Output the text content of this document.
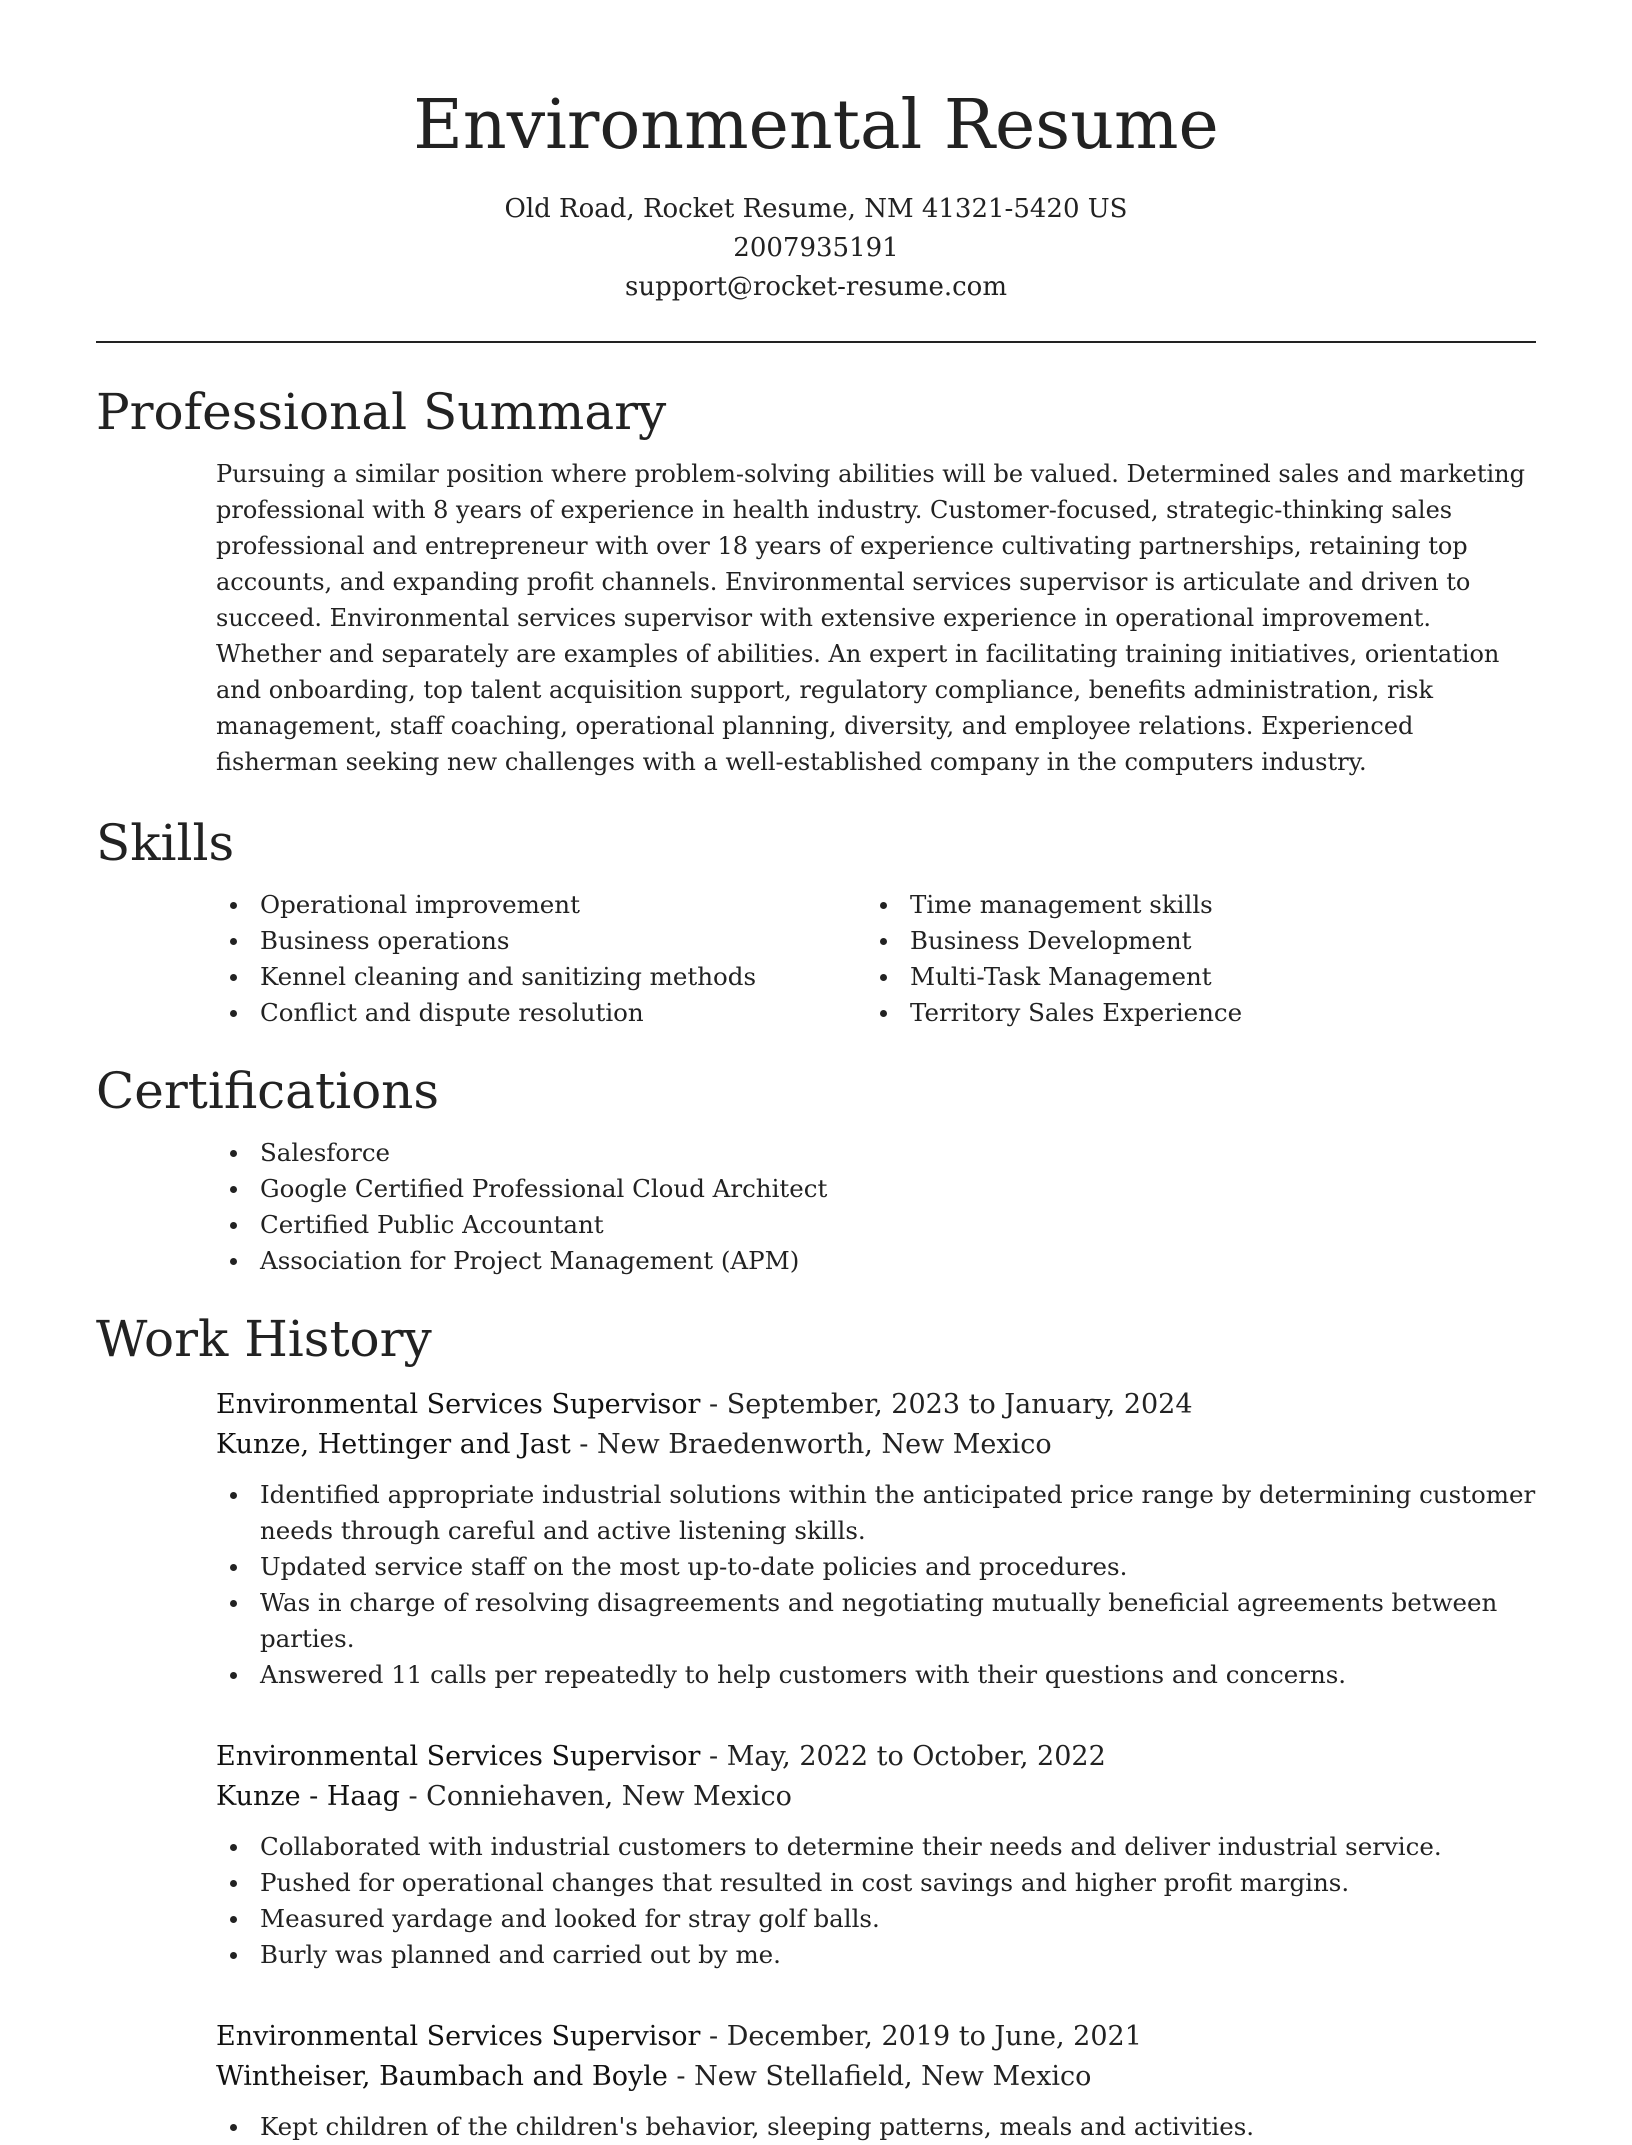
Environmental Resume
Old Road, Rocket Resume, NM 41321-5420 US
2007935191
support@rocket-resume.com
Professional Summary

Pursuing a similar position where problem-solving abilities will be valued. Determined sales and marketing professional with 8 years of experience in health industry. Customer-focused, strategic-thinking sales professional and entrepreneur with over 18 years of experience cultivating partnerships, retaining top accounts, and expanding profit channels. Environmental services supervisor is articulate and driven to succeed. Environmental services supervisor with extensive experience in operational improvement. Whether and separately are examples of abilities. An expert in facilitating training initiatives, orientation and onboarding, top talent acquisition support, regulatory compliance, benefits administration, risk management, staff coaching, operational planning, diversity, and employee relations. Experienced fisherman seeking new challenges with a well-established company in the computers industry.

Skills
Operational improvement
Business operations
Kennel cleaning and sanitizing methods
Conflict and dispute resolution
Time management skills
Business Development
Multi-Task Management
Territory Sales Experience
Certifications
Salesforce
Google Certified Professional Cloud Architect
Certified Public Accountant
Association for Project Management (APM)
Work History
Environmental Services Supervisor - September, 2023 to January, 2024
Kunze, Hettinger and Jast - New Braedenworth, New Mexico
Identified appropriate industrial solutions within the anticipated price range by determining customer needs through careful and active listening skills.
Updated service staff on the most up-to-date policies and procedures.
Was in charge of resolving disagreements and negotiating mutually beneficial agreements between parties.
Answered 11 calls per repeatedly to help customers with their questions and concerns.
Environmental Services Supervisor - May, 2022 to October, 2022
Kunze - Haag - Conniehaven, New Mexico
Collaborated with industrial customers to determine their needs and deliver industrial service.
Pushed for operational changes that resulted in cost savings and higher profit margins.
Measured yardage and looked for stray golf balls.
Burly was planned and carried out by me.
Environmental Services Supervisor - December, 2019 to June, 2021
Wintheiser, Baumbach and Boyle - New Stellafield, New Mexico
Kept children of the children's behavior, sleeping patterns, meals and activities.
